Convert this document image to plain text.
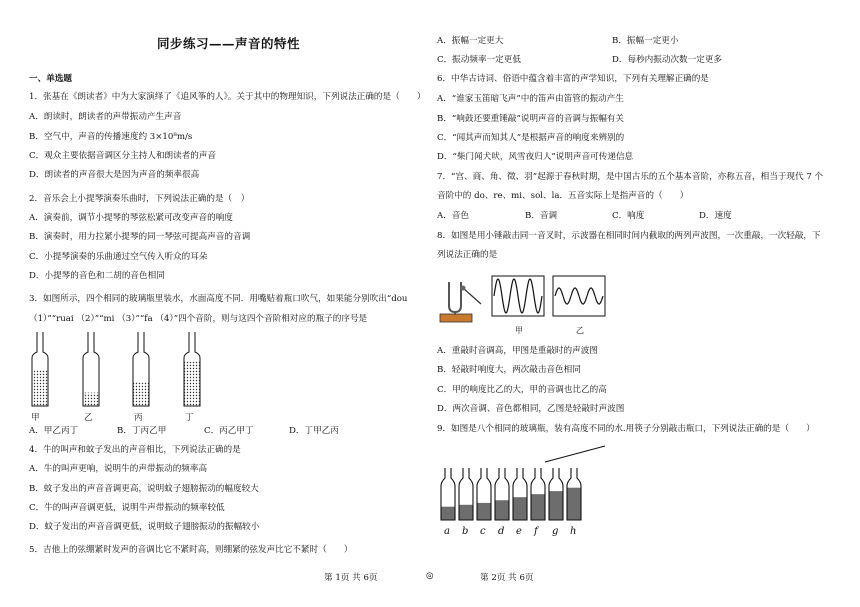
同步练习——声音的特性
一、单选题
1．张基在《朗读者》中为大家演绎了《追风筝的人》。关于其中的物理知识，下列说法正确的是（　　）
A．朗读时，朗读者的声带振动产生声音
B．空气中，声音的传播速度约 3×10⁸m/s
C．观众主要依据音调区分主持人和朗读者的声音
D．朗读者的声音很大是因为声音的频率很高
2．音乐会上小提琴演奏乐曲时，下列说法正确的是（　）
A．演奏前，调节小提琴的琴弦松紧可改变声音的响度
B．演奏时，用力拉紧小提琴的同一琴弦可提高声音的音调
C．小提琴演奏的乐曲通过空气传入听众的耳朵
D．小提琴的音色和二胡的音色相同
3．如图所示，四个相同的玻璃瓶里装水，水面高度不同．用嘴贴着瓶口吹气，如果能分别吹出“dou
（1）”“ruai （2）”“mi （3）”“fa （4）”四个音阶，则与这四个音阶相对应的瓶子的序号是
甲	乙	丙	丁
A．甲乙丙丁	B．丁丙乙甲	C．丙乙甲丁	D．丁甲乙丙
4．牛的叫声和蚊子发出的声音相比，下列说法正确的是
A．牛的叫声更响，说明牛的声带振动的频率高
B．蚊子发出的声音音调更高，说明蚊子翅膀振动的幅度较大
C．牛的叫声音调更低，说明牛声带振动的频率较低
D．蚊子发出的声音音调更低，说明蚊子翅膀振动的振幅较小
5．吉他上的弦绷紧时发声的音调比它不紧时高，则绷紧的弦发声比它不紧时（　　）
A．振幅一定更大	B．振幅一定更小
C．振动频率一定更低	D．每秒内振动次数一定更多
6．中华古诗词、俗语中蕴含着丰富的声学知识，下列有关理解正确的是
A．“谁家玉笛暗飞声”中的笛声由笛管的振动产生
B．“响鼓还要重锤敲”说明声音的音调与振幅有关
C．“闻其声而知其人”是根据声音的响度来辨别的
D．“柴门闻犬吠，风雪夜归人”说明声音可传递信息
7．“宫、商、角、徵、羽”起源于春秋时期，是中国古乐的五个基本音阶，亦称五音，相当于现代 7 个
音阶中的 do、re、mi、sol、la．五音实际上是指声音的（　　）
A．音色	B．音调	C．响度	D．速度
8．如图是用小锤敲击同一音叉时，示波器在相同时间内截取的两列声波图，一次重敲，一次轻敲，下
列说法正确的是
甲	乙
A．重敲时音调高，甲图是重敲时的声波图
B．轻敲时响度大，两次敲击音色相同
C．甲的响度比乙的大，甲的音调也比乙的高
D．两次音调、音色都相同，乙图是轻敲时声波图
9．如图是八个相同的玻璃瓶，装有高度不同的水.用筷子分别敲击瓶口，下列说法正确的是（　　）
a b c d e f g h
第 1页 共 6页	◎	第 2页 共 6页
